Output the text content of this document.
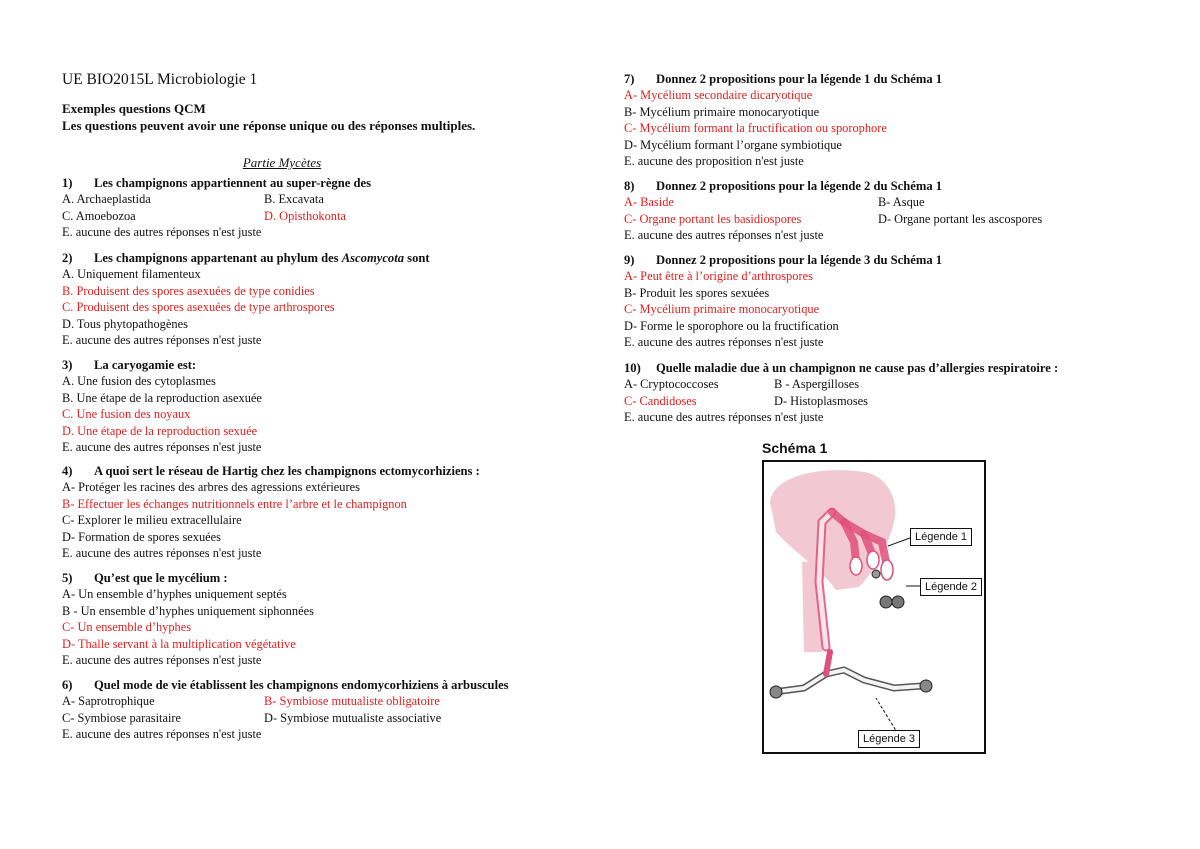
UE BIO2015L Microbiologie 1
Exemples questions QCM
Les questions peuvent avoir une réponse unique ou des réponses multiples.
Partie Mycètes
1)	Les champignons appartiennent au super-règne des
A. Archaeplastida	B. Excavata
C. Amoebozoa	D. Opisthokonta
E. aucune des autres réponses n'est juste
2)	Les champignons appartenant au phylum des Ascomycota sont
A. Uniquement filamenteux
B. Produisent des spores asexuées de type conidies
C. Produisent des spores asexuées de type arthrospores
D. Tous phytopathogènes
E. aucune des autres réponses n'est juste
3)	La caryogamie est:
A. Une fusion des cytoplasmes
B. Une étape de la reproduction asexuée
C. Une fusion des noyaux
D. Une étape de la reproduction sexuée
E. aucune des autres réponses n'est juste
4)	A quoi sert le réseau de Hartig chez les champignons ectomycorhiziens :
A- Protéger les racines des arbres des agressions extérieures
B- Effectuer les échanges nutritionnels entre l’arbre et le champignon
C- Explorer le milieu extracellulaire
D- Formation de spores sexuées
E. aucune des autres réponses n'est juste
5)	Qu’est que le mycélium :
A- Un ensemble d’hyphes uniquement septés
B - Un ensemble d’hyphes uniquement siphonnées
C- Un ensemble d’hyphes
D- Thalle servant à la multiplication végétative
E. aucune des autres réponses n'est juste
6)	Quel mode de vie établissent les champignons endomycorhiziens à arbuscules
A- Saprotrophique	B- Symbiose mutualiste obligatoire
C- Symbiose parasitaire	D- Symbiose mutualiste associative
E. aucune des autres réponses n'est juste
7)	Donnez 2 propositions pour la légende 1 du Schéma 1
A- Mycélium secondaire dicaryotique
B- Mycélium primaire monocaryotique
C- Mycélium formant la fructification ou sporophore
D- Mycélium formant l’organe symbiotique
E. aucune des proposition n'est juste
8)	Donnez 2 propositions pour la légende 2 du Schéma 1
A- Baside	B- Asque
C- Organe portant les basidiospores	D- Organe portant les ascospores
E. aucune des autres réponses n'est juste
9)	Donnez 2 propositions pour la légende 3 du Schéma 1
A- Peut être à l’origine d’arthrospores
B- Produit les spores sexuées
C- Mycélium primaire monocaryotique
D- Forme le sporophore ou la fructification
E. aucune des autres réponses n'est juste
10)	Quelle maladie due à un champignon ne cause pas d’allergies respiratoire :
A- Cryptococcoses	B - Aspergilloses
C- Candidoses	D- Histoplasmoses
E. aucune des autres réponses n'est juste
Schéma 1
Légende 1
Légende 2
Légende 3
